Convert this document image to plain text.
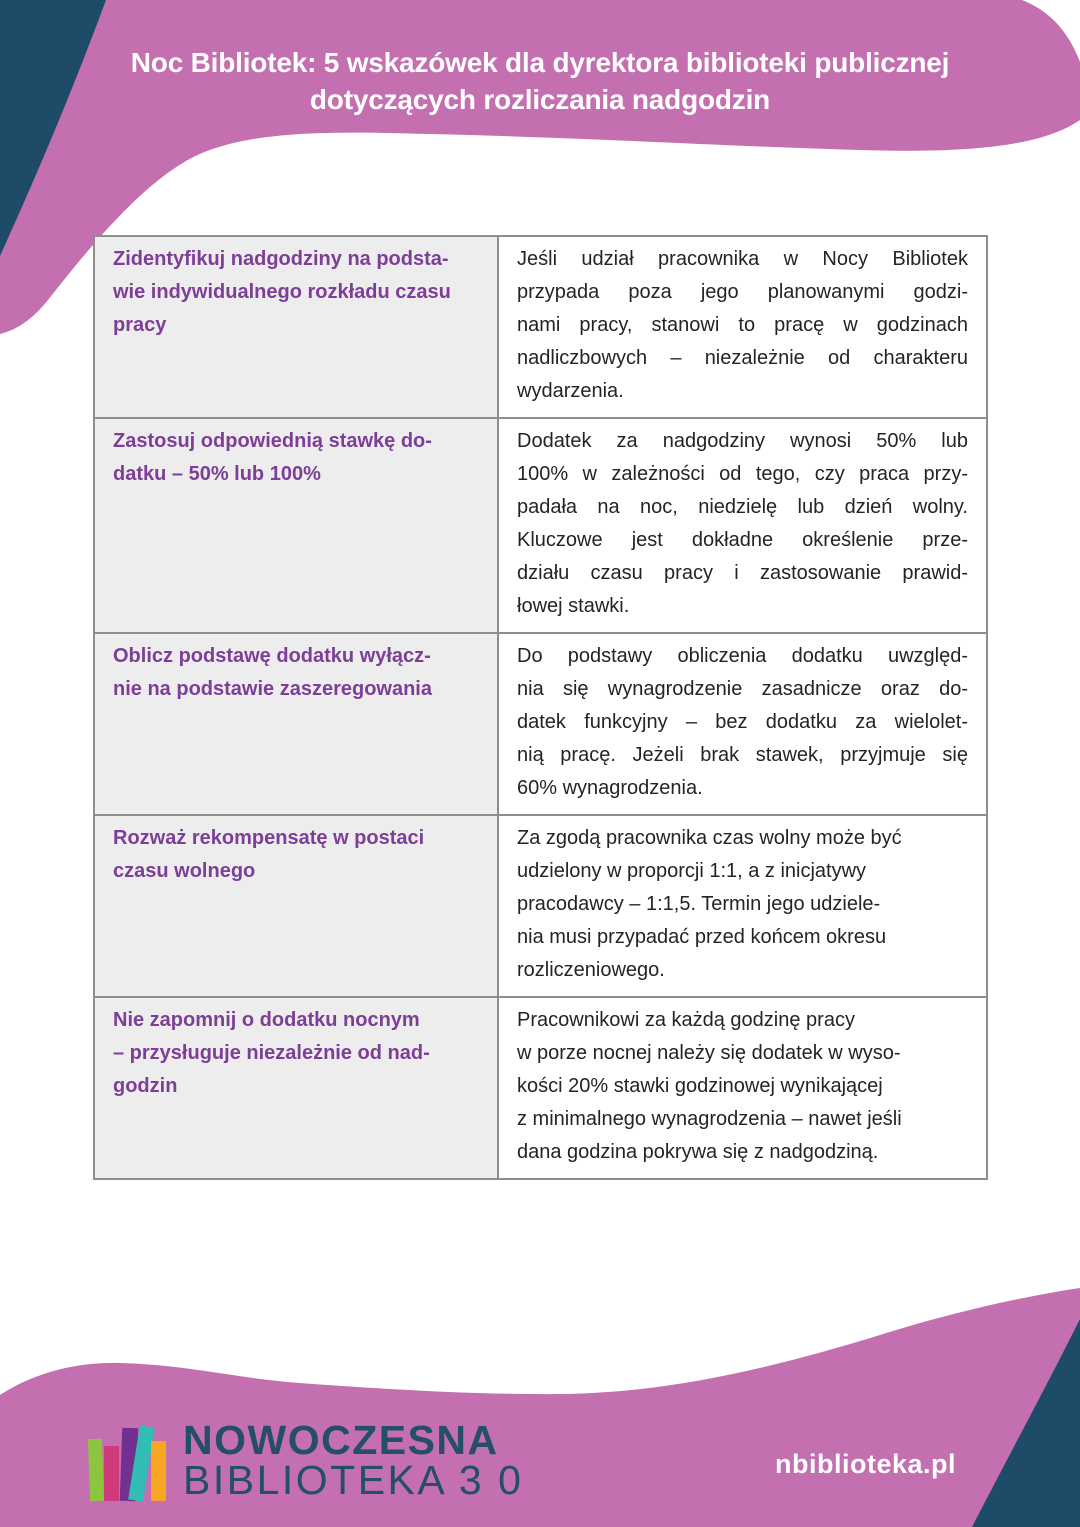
Noc Bibliotek: 5 wskazówek dla dyrektora biblioteki publicznej
dotyczących rozliczania nadgodzin
Zidentyfikuj nadgodziny na podsta-
wie indywidualnego rozkładu czasu
pracy
Jeśli udział pracownika w Nocy Bibliotek
przypada poza jego planowanymi godzi-
nami pracy, stanowi to pracę w godzinach
nadliczbowych – niezależnie od charakteru
wydarzenia.
Zastosuj odpowiednią stawkę do-
datku – 50% lub 100%
Dodatek za nadgodziny wynosi 50% lub
100% w zależności od tego, czy praca przy-
padała na noc, niedzielę lub dzień wolny.
Kluczowe jest dokładne określenie prze-
działu czasu pracy i zastosowanie prawid-
łowej stawki.
Oblicz podstawę dodatku wyłącz-
nie na podstawie zaszeregowania
Do podstawy obliczenia dodatku uwzględ-
nia się wynagrodzenie zasadnicze oraz do-
datek funkcyjny – bez dodatku za wielolet-
nią pracę. Jeżeli brak stawek, przyjmuje się
60% wynagrodzenia.
Rozważ rekompensatę w postaci
czasu wolnego
Za zgodą pracownika czas wolny może być
udzielony w proporcji 1:1, a z inicjatywy
pracodawcy – 1:1,5. Termin jego udziele-
nia musi przypadać przed końcem okresu
rozliczeniowego.
Nie zapomnij o dodatku nocnym
– przysługuje niezależnie od nad-
godzin
Pracownikowi za każdą godzinę pracy
w porze nocnej należy się dodatek w wyso-
kości 20% stawki godzinowej wynikającej
z minimalnego wynagrodzenia – nawet jeśli
dana godzina pokrywa się z nadgodziną.
NOWOCZESNA
BIBLIOTEKA 3 0	nbiblioteka.pl
